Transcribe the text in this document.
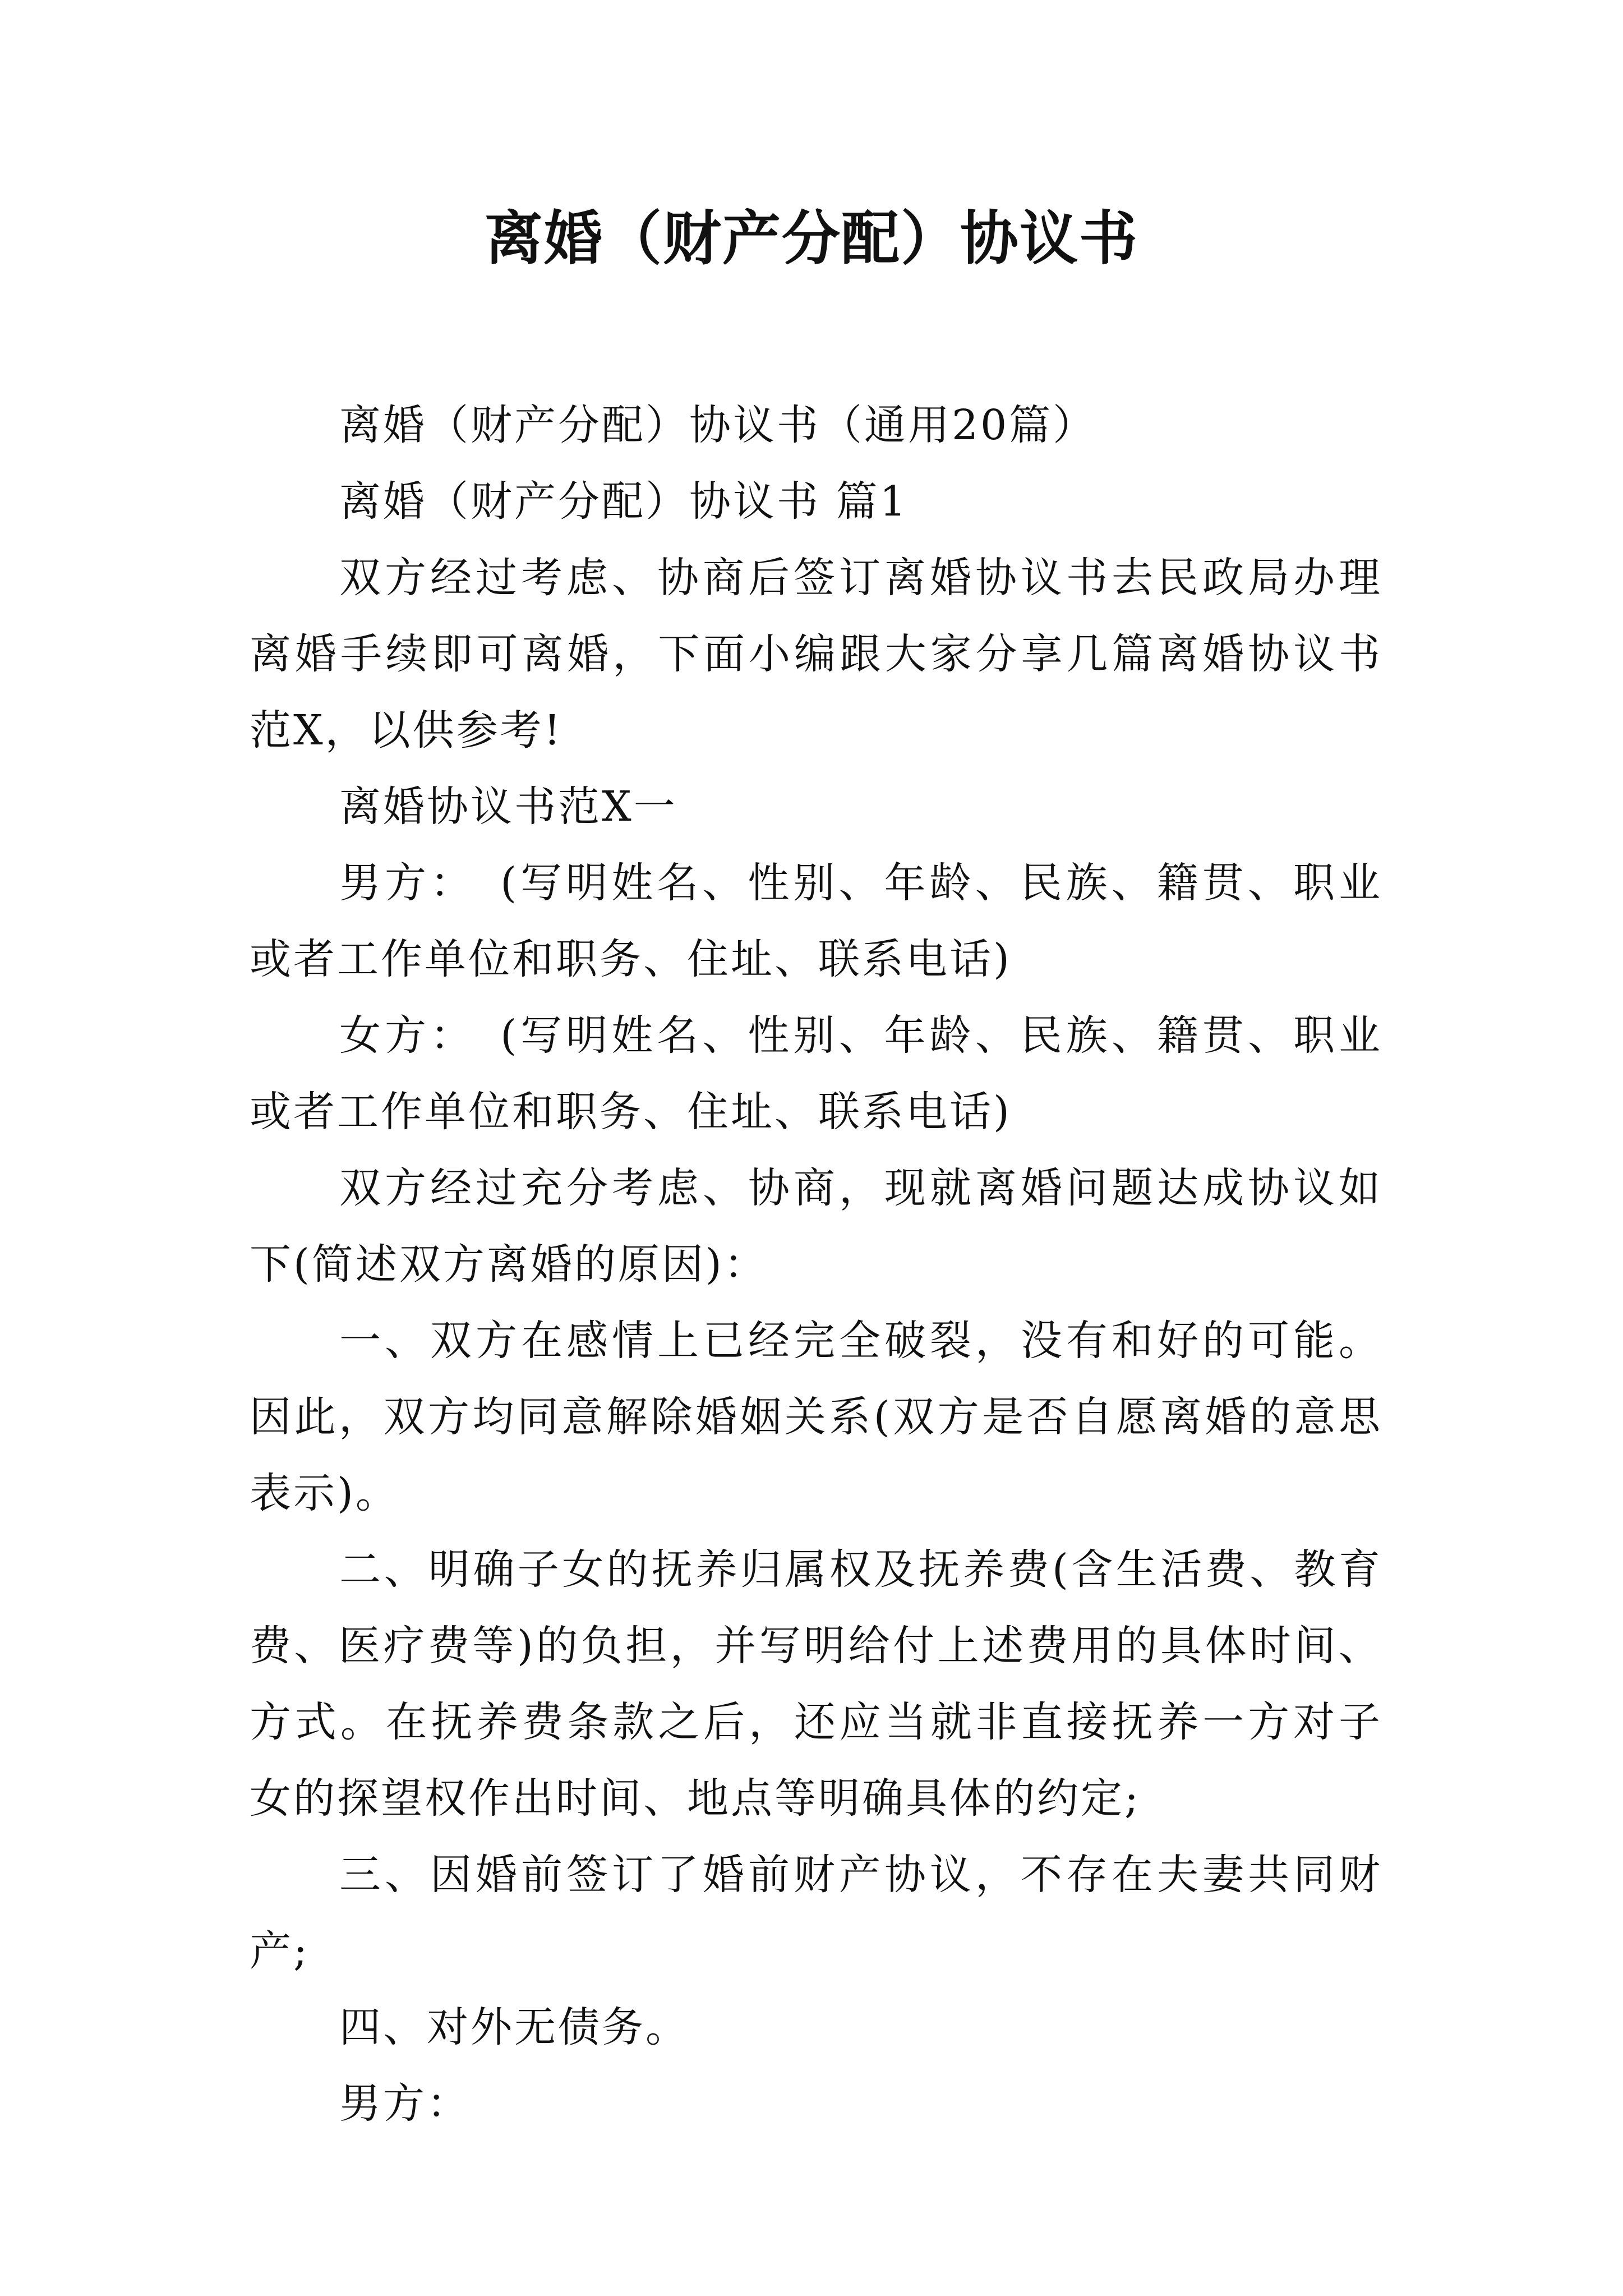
离婚（财产分配）协议书

离婚（财产分配）协议书（通用20篇）

离婚（财产分配）协议书 篇1

双方经过考虑、协商后签订离婚协议书去民政局办理离婚手续即可离婚，下面小编跟大家分享几篇离婚协议书范X，以供参考!

离婚协议书范X一

男方：　(写明姓名、性别、年龄、民族、籍贯、职业或者工作单位和职务、住址、联系电话)

女方：　(写明姓名、性别、年龄、民族、籍贯、职业或者工作单位和职务、住址、联系电话)

双方经过充分考虑、协商，现就离婚问题达成协议如下(简述双方离婚的原因)：

一、双方在感情上已经完全破裂，没有和好的可能。因此，双方均同意解除婚姻关系(双方是否自愿离婚的意思表示)。

二、明确子女的抚养归属权及抚养费(含生活费、教育费、医疗费等)的负担，并写明给付上述费用的具体时间、方式。在抚养费条款之后，还应当就非直接抚养一方对子女的探望权作出时间、地点等明确具体的约定;

三、因婚前签订了婚前财产协议，不存在夫妻共同财产;

四、对外无债务。

男方：
